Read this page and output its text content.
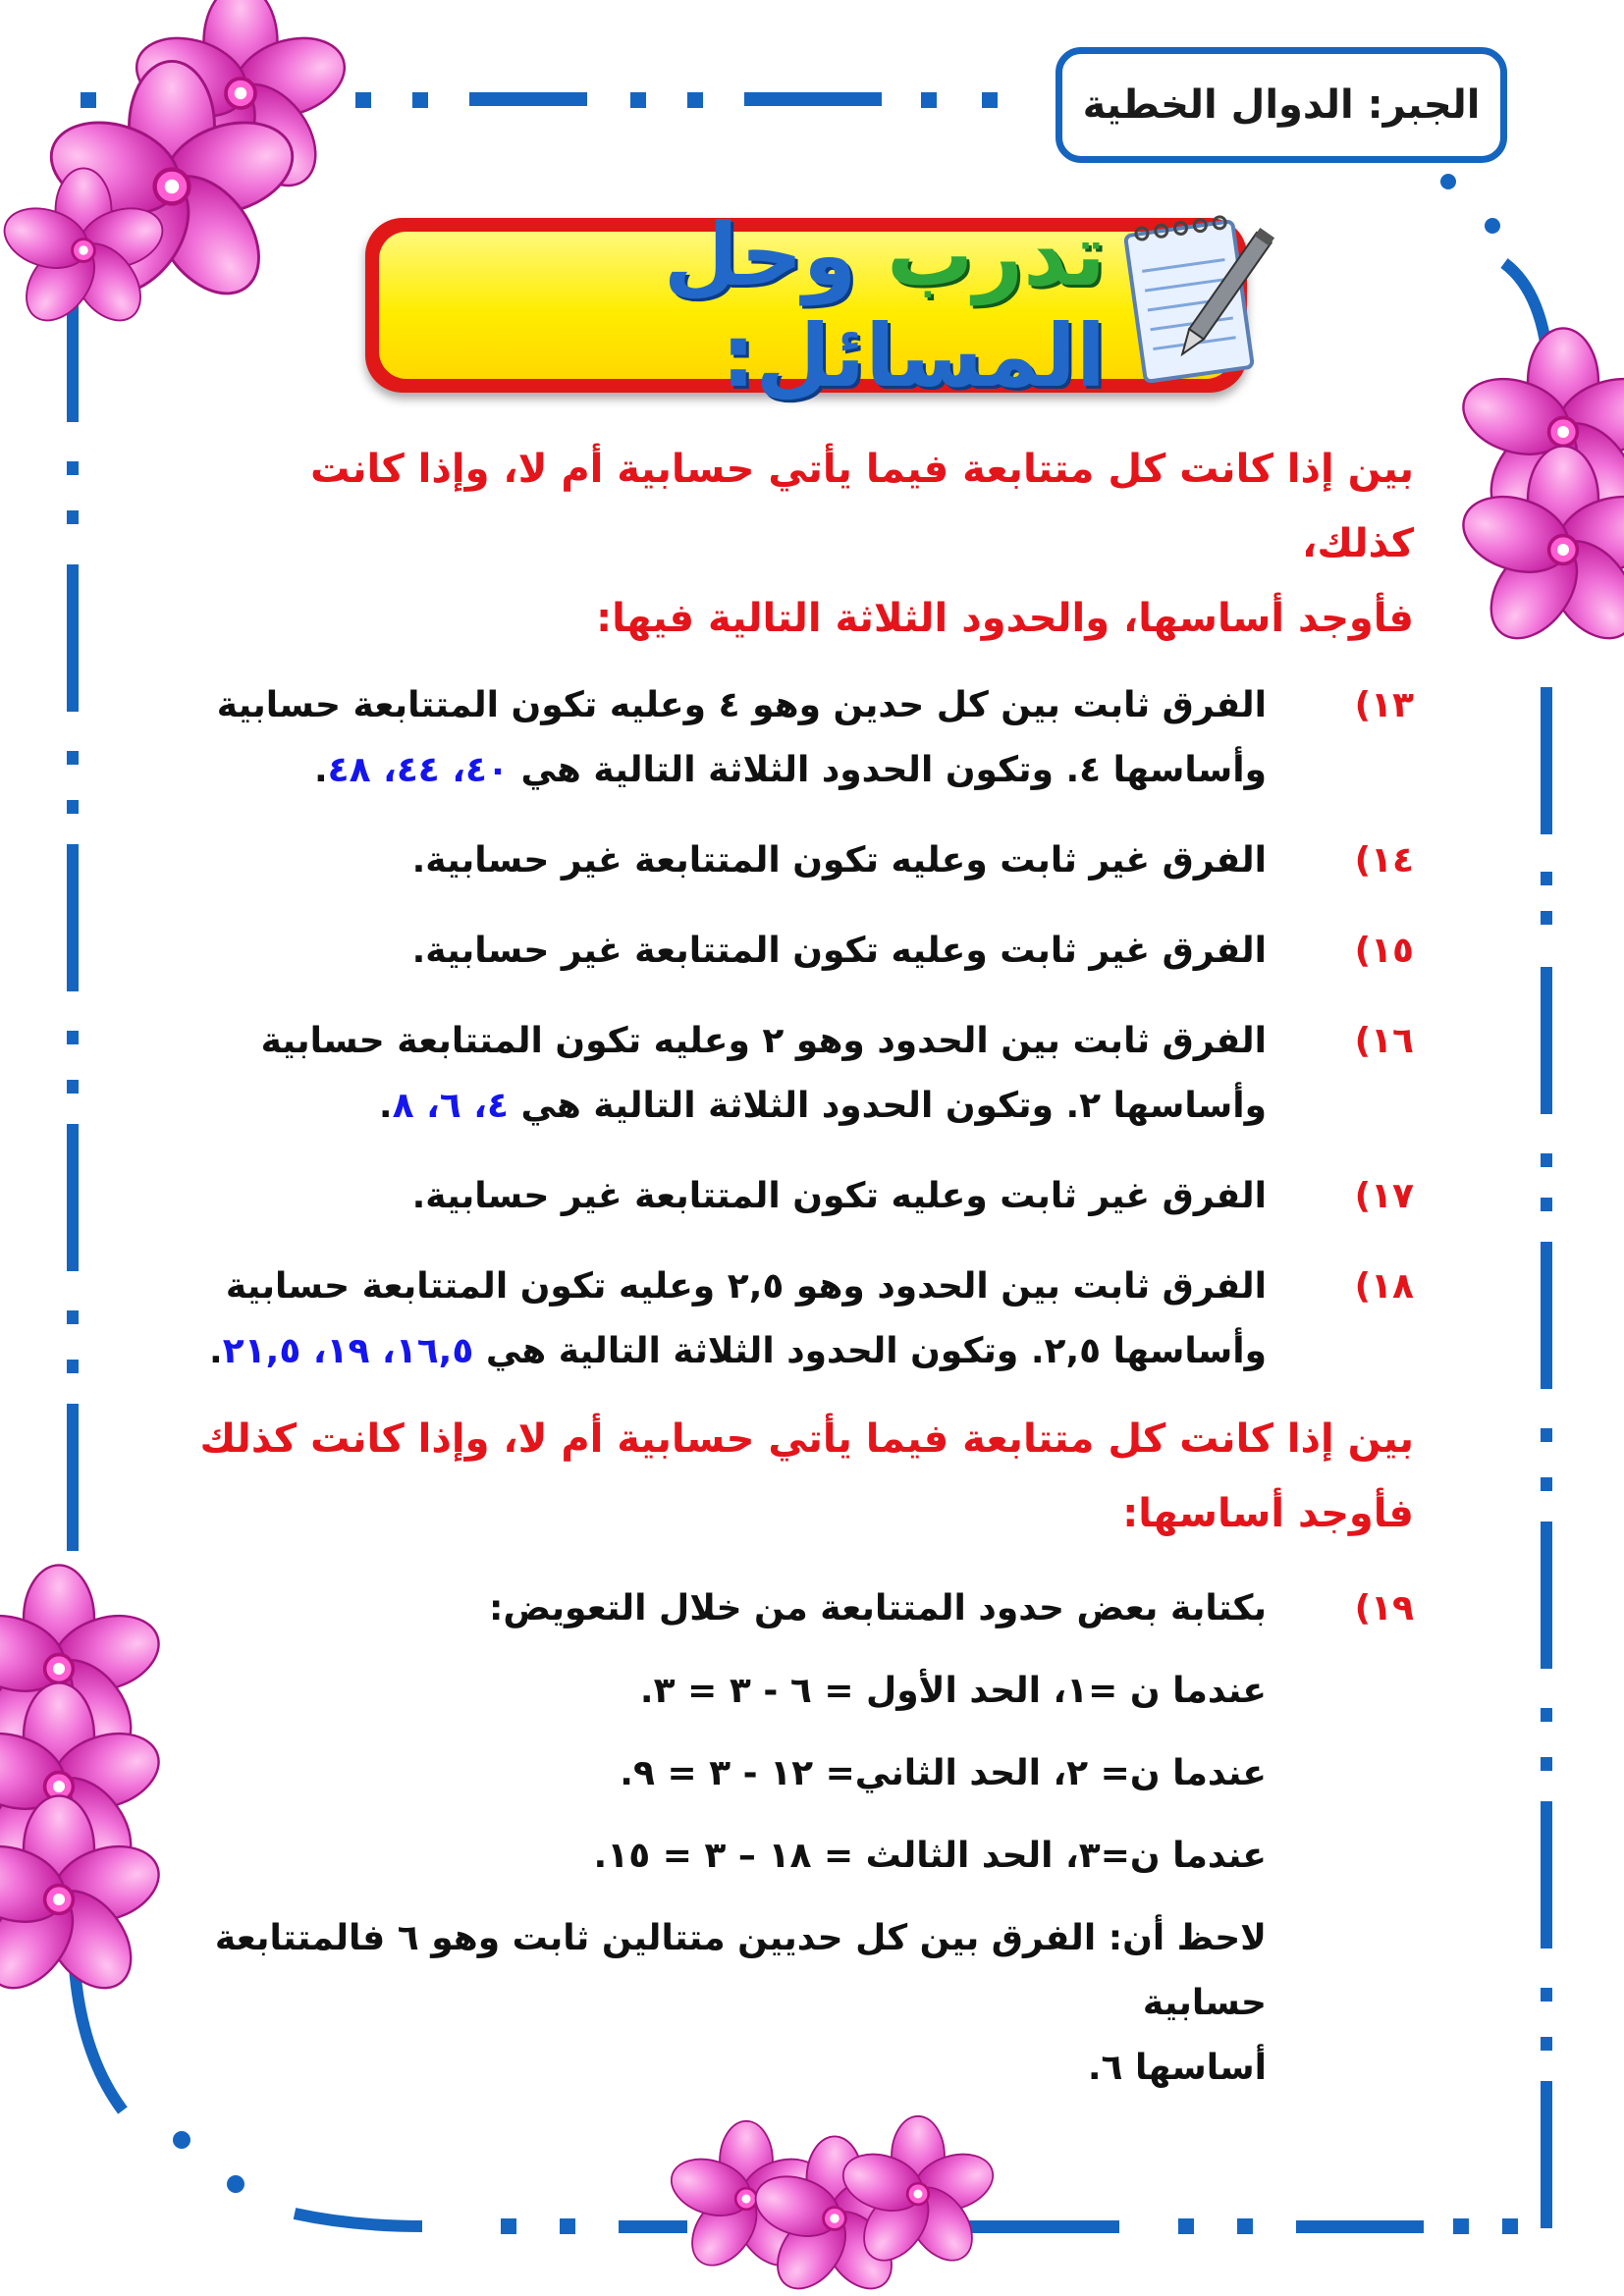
الجبر: الدوال الخطية
تدرب وحل المسائل:

بين إذا كانت كل متتابعة فيما يأتي حسابية أم لا، وإذا كانت كذلك،

فأوجد أساسها، والحدود الثلاثة التالية فيها:

١٣)
الفرق ثابت بين كل حدين وهو ٤ وعليه تكون المتتابعة حسابية
وأساسها ٤. وتكون الحدود الثلاثة التالية هي ٤٠، ٤٤، ٤٨.
١٤)
الفرق غير ثابت وعليه تكون المتتابعة غير حسابية.
١٥)
الفرق غير ثابت وعليه تكون المتتابعة غير حسابية.
١٦)
الفرق ثابت بين الحدود وهو ٢ وعليه تكون المتتابعة حسابية
وأساسها ٢. وتكون الحدود الثلاثة التالية هي ٤، ٦، ٨.
١٧)
الفرق غير ثابت وعليه تكون المتتابعة غير حسابية.
١٨)
الفرق ثابت بين الحدود وهو ٢,٥ وعليه تكون المتتابعة حسابية
وأساسها ٢,٥. وتكون الحدود الثلاثة التالية هي ١٦,٥، ١٩، ٢١,٥.

بين إذا كانت كل متتابعة فيما يأتي حسابية أم لا، وإذا كانت كذلك

فأوجد أساسها:

١٩)
بكتابة بعض حدود المتتابعة من خلال التعويض:

عندما ن =١، الحد الأول = ٦ - ٣ = ٣.

عندما ن= ٢، الحد الثاني= ١٢ - ٣ = ٩.

عندما ن=٣، الحد الثالث = ١٨ – ٣ = ١٥.

لاحظ أن: الفرق بين كل حديين متتالين ثابت وهو ٦ فالمتتابعة حسابية

أساسها ٦.
